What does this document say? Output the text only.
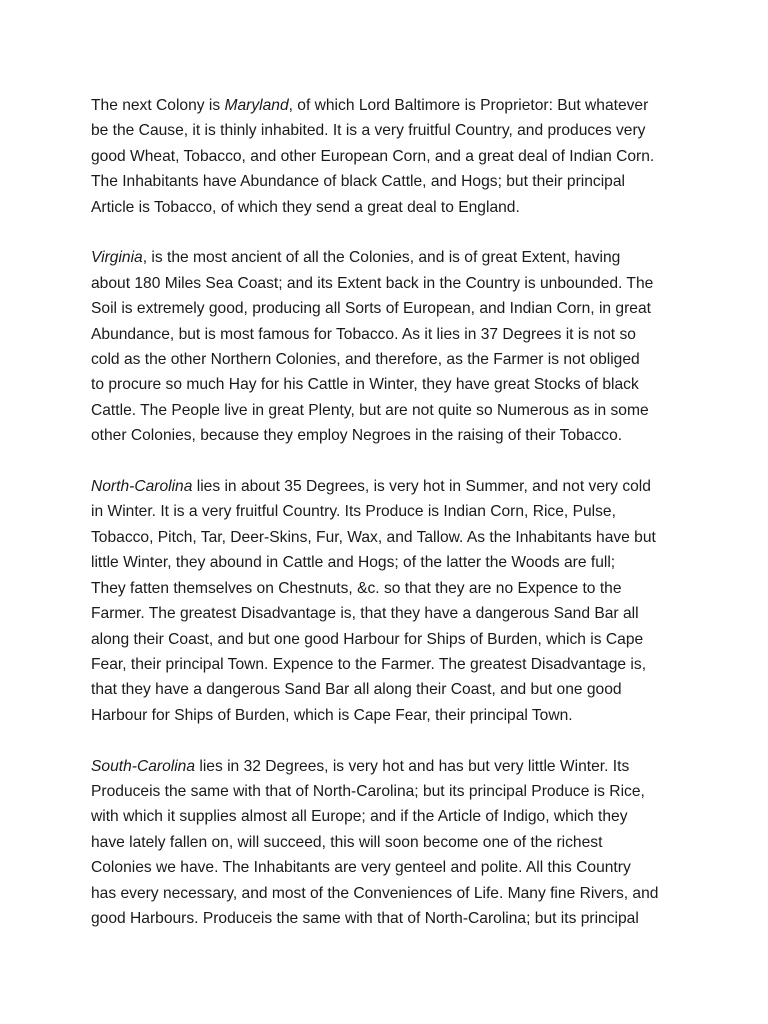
The next Colony is Maryland, of which Lord Baltimore is Proprietor: But whatever
be the Cause, it is thinly inhabited. It is a very fruitful Country, and produces very
good Wheat, Tobacco, and other European Corn, and a great deal of Indian Corn.
The Inhabitants have Abundance of black Cattle, and Hogs; but their principal
Article is Tobacco, of which they send a great deal to England.

Virginia, is the most ancient of all the Colonies, and is of great Extent, having
about 180 Miles Sea Coast; and its Extent back in the Country is unbounded. The
Soil is extremely good, producing all Sorts of European, and Indian Corn, in great
Abundance, but is most famous for Tobacco. As it lies in 37 Degrees it is not so
cold as the other Northern Colonies, and therefore, as the Farmer is not obliged
to procure so much Hay for his Cattle in Winter, they have great Stocks of black
Cattle. The People live in great Plenty, but are not quite so Numerous as in some
other Colonies, because they employ Negroes in the raising of their Tobacco.

North-Carolina lies in about 35 Degrees, is very hot in Summer, and not very cold
in Winter. It is a very fruitful Country. Its Produce is Indian Corn, Rice, Pulse,
Tobacco, Pitch, Tar, Deer-Skins, Fur, Wax, and Tallow. As the Inhabitants have but
little Winter, they abound in Cattle and Hogs; of the latter the Woods are full;
They fatten themselves on Chestnuts, &c. so that they are no Expence to the
Farmer. The greatest Disadvantage is, that they have a dangerous Sand Bar all
along their Coast, and but one good Harbour for Ships of Burden, which is Cape
Fear, their principal Town. Expence to the Farmer. The greatest Disadvantage is,
that they have a dangerous Sand Bar all along their Coast, and but one good
Harbour for Ships of Burden, which is Cape Fear, their principal Town.

South-Carolina lies in 32 Degrees, is very hot and has but very little Winter. Its
Produceis the same with that of North-Carolina; but its principal Produce is Rice,
with which it supplies almost all Europe; and if the Article of Indigo, which they
have lately fallen on, will succeed, this will soon become one of the richest
Colonies we have. The Inhabitants are very genteel and polite. All this Country
has every necessary, and most of the Conveniences of Life. Many fine Rivers, and
good Harbours. Produceis the same with that of North-Carolina; but its principal
